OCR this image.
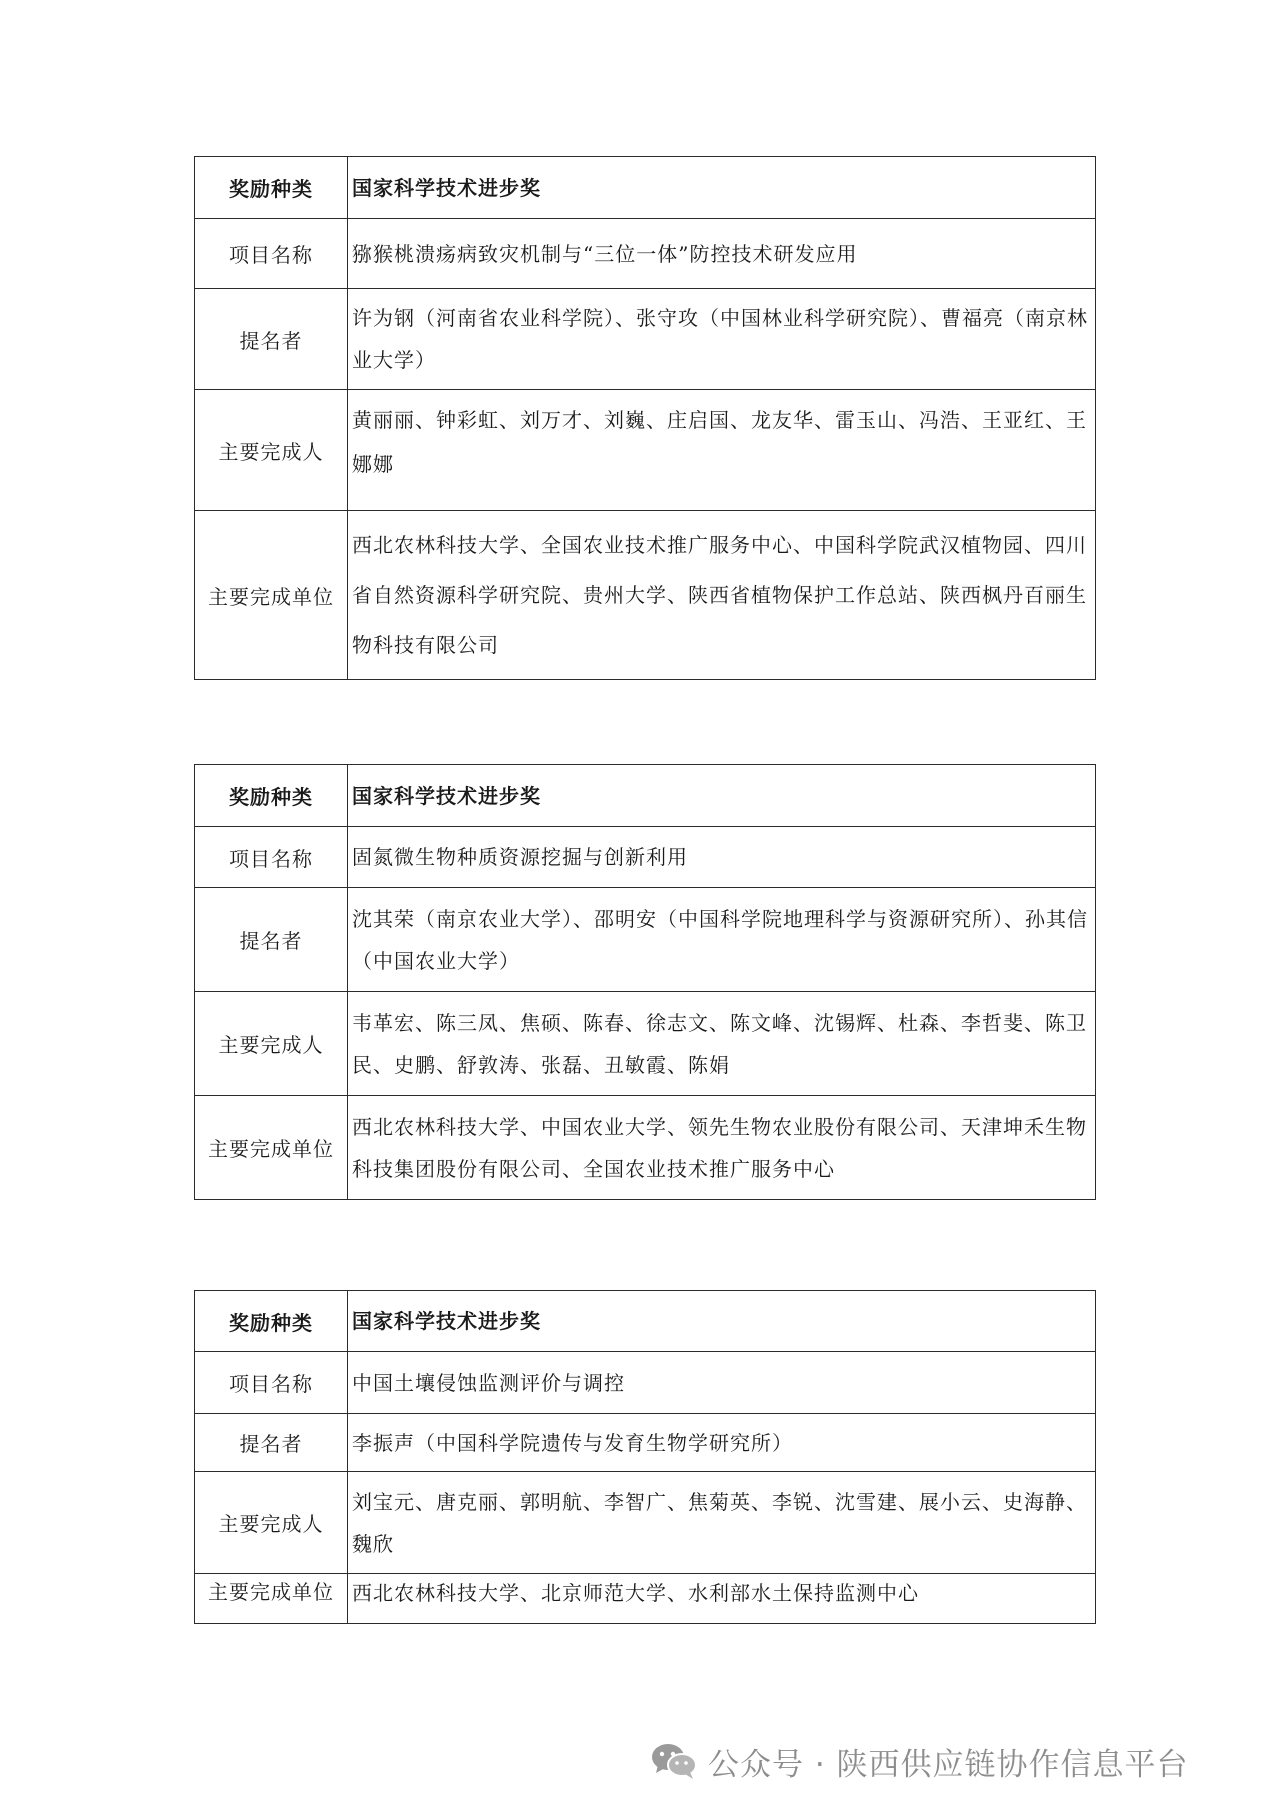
奖励种类	国家科学技术进步奖
项目名称	猕猴桃溃疡病致灾机制与“三位一体”防控技术研发应用
提名者	许为钢（河南省农业科学院）、张守攻（中国林业科学研究院）、曹福亮（南京林业大学）
主要完成人	黄丽丽、钟彩虹、刘万才、刘巍、庄启国、龙友华、雷玉山、冯浩、王亚红、王娜娜
主要完成单位	西北农林科技大学、全国农业技术推广服务中心、中国科学院武汉植物园、四川省自然资源科学研究院、贵州大学、陕西省植物保护工作总站、陕西枫丹百丽生物科技有限公司
奖励种类	国家科学技术进步奖
项目名称	固氮微生物种质资源挖掘与创新利用
提名者	沈其荣（南京农业大学）、邵明安（中国科学院地理科学与资源研究所）、孙其信（中国农业大学）
主要完成人	韦革宏、陈三凤、焦硕、陈春、徐志文、陈文峰、沈锡辉、杜森、李哲斐、陈卫民、史鹏、舒敦涛、张磊、丑敏霞、陈娟
主要完成单位	西北农林科技大学、中国农业大学、领先生物农业股份有限公司、天津坤禾生物科技集团股份有限公司、全国农业技术推广服务中心
奖励种类	国家科学技术进步奖
项目名称	中国土壤侵蚀监测评价与调控
提名者	李振声（中国科学院遗传与发育生物学研究所）
主要完成人	刘宝元、唐克丽、郭明航、李智广、焦菊英、李锐、沈雪建、展小云、史海静、魏欣
主要完成单位	西北农林科技大学、北京师范大学、水利部水土保持监测中心
公众号 · 陕西供应链协作信息平台
